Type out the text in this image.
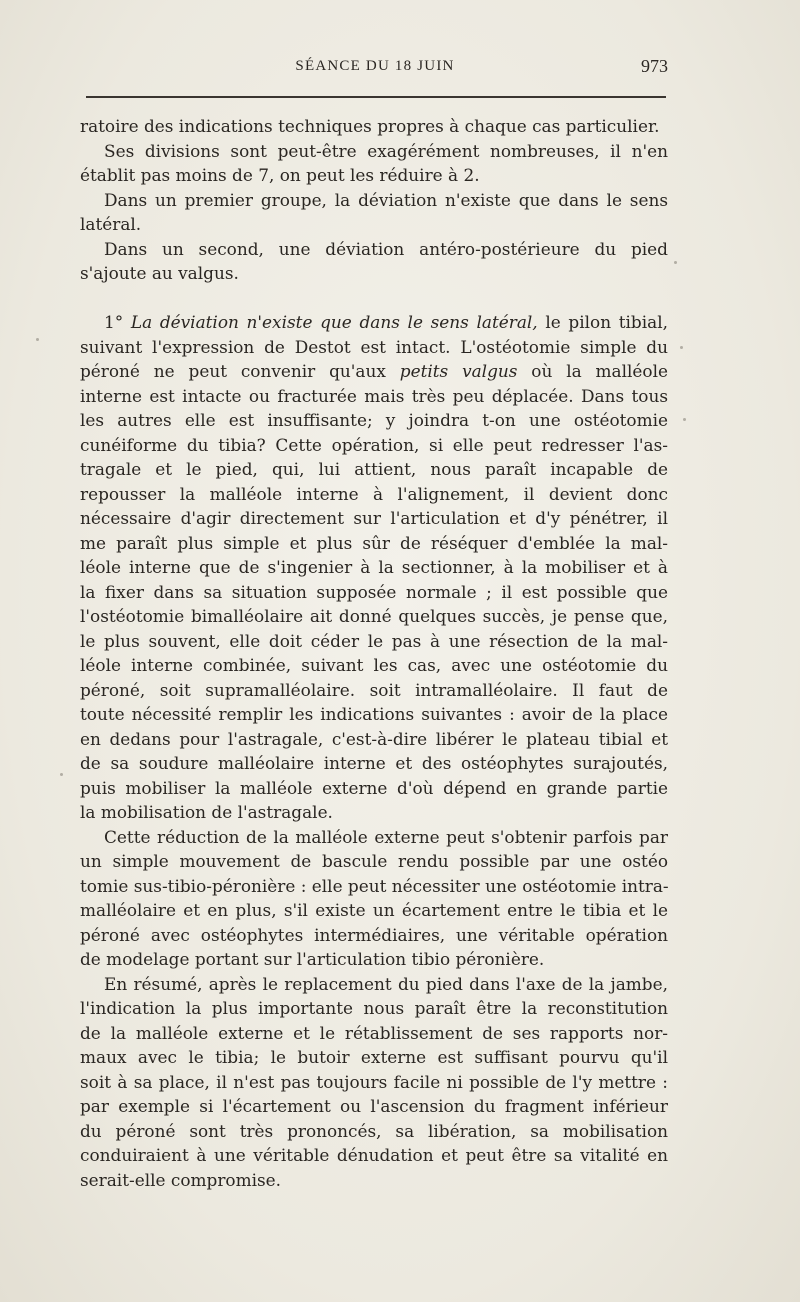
SÉANCE DU 18 JUIN	973
ratoire des indications techniques propres à chaque cas particulier.
Ses divisions sont peut-être exagérément nombreuses, il n'en
établit pas moins de 7, on peut les réduire à 2.
Dans un premier groupe, la déviation n'existe que dans le sens
latéral.
Dans un second, une déviation antéro-postérieure du pied
s'ajoute au valgus.
1° La déviation n'existe que dans le sens latéral, le pilon tibial,
suivant l'expression de Destot est intact. L'ostéotomie simple du
péroné ne peut convenir qu'aux petits valgus où la malléole
interne est intacte ou fracturée mais très peu déplacée. Dans tous
les autres elle est insuffisante; y joindra t-on une ostéotomie
cunéiforme du tibia? Cette opération, si elle peut redresser l'as-
tragale et le pied, qui, lui attient, nous paraît incapable de
repousser la malléole interne à l'alignement, il devient donc
nécessaire d'agir directement sur l'articulation et d'y pénétrer, il
me paraît plus simple et plus sûr de réséquer d'emblée la mal-
léole interne que de s'ingenier à la sectionner, à la mobiliser et à
la fixer dans sa situation supposée normale ; il est possible que
l'ostéotomie bimalléolaire ait donné quelques succès, je pense que,
le plus souvent, elle doit céder le pas à une résection de la mal-
léole interne combinée, suivant les cas, avec une ostéotomie du
péroné, soit supramalléolaire. soit intramalléolaire. Il faut de
toute nécessité remplir les indications suivantes : avoir de la place
en dedans pour l'astragale, c'est-à-dire libérer le plateau tibial et
de sa soudure malléolaire interne et des ostéophytes surajoutés,
puis mobiliser la malléole externe d'où dépend en grande partie
la mobilisation de l'astragale.
Cette réduction de la malléole externe peut s'obtenir parfois par
un simple mouvement de bascule rendu possible par une ostéo
tomie sus-tibio-péronière : elle peut nécessiter une ostéotomie intra-
malléolaire et en plus, s'il existe un écartement entre le tibia et le
péroné avec ostéophytes intermédiaires, une véritable opération
de modelage portant sur l'articulation tibio péronière.
En résumé, après le replacement du pied dans l'axe de la jambe,
l'indication la plus importante nous paraît être la reconstitution
de la malléole externe et le rétablissement de ses rapports nor-
maux avec le tibia; le butoir externe est suffisant pourvu qu'il
soit à sa place, il n'est pas toujours facile ni possible de l'y mettre :
par exemple si l'écartement ou l'ascension du fragment inférieur
du péroné sont très prononcés, sa libération, sa mobilisation
conduiraient à une véritable dénudation et peut être sa vitalité en
serait-elle compromise.
